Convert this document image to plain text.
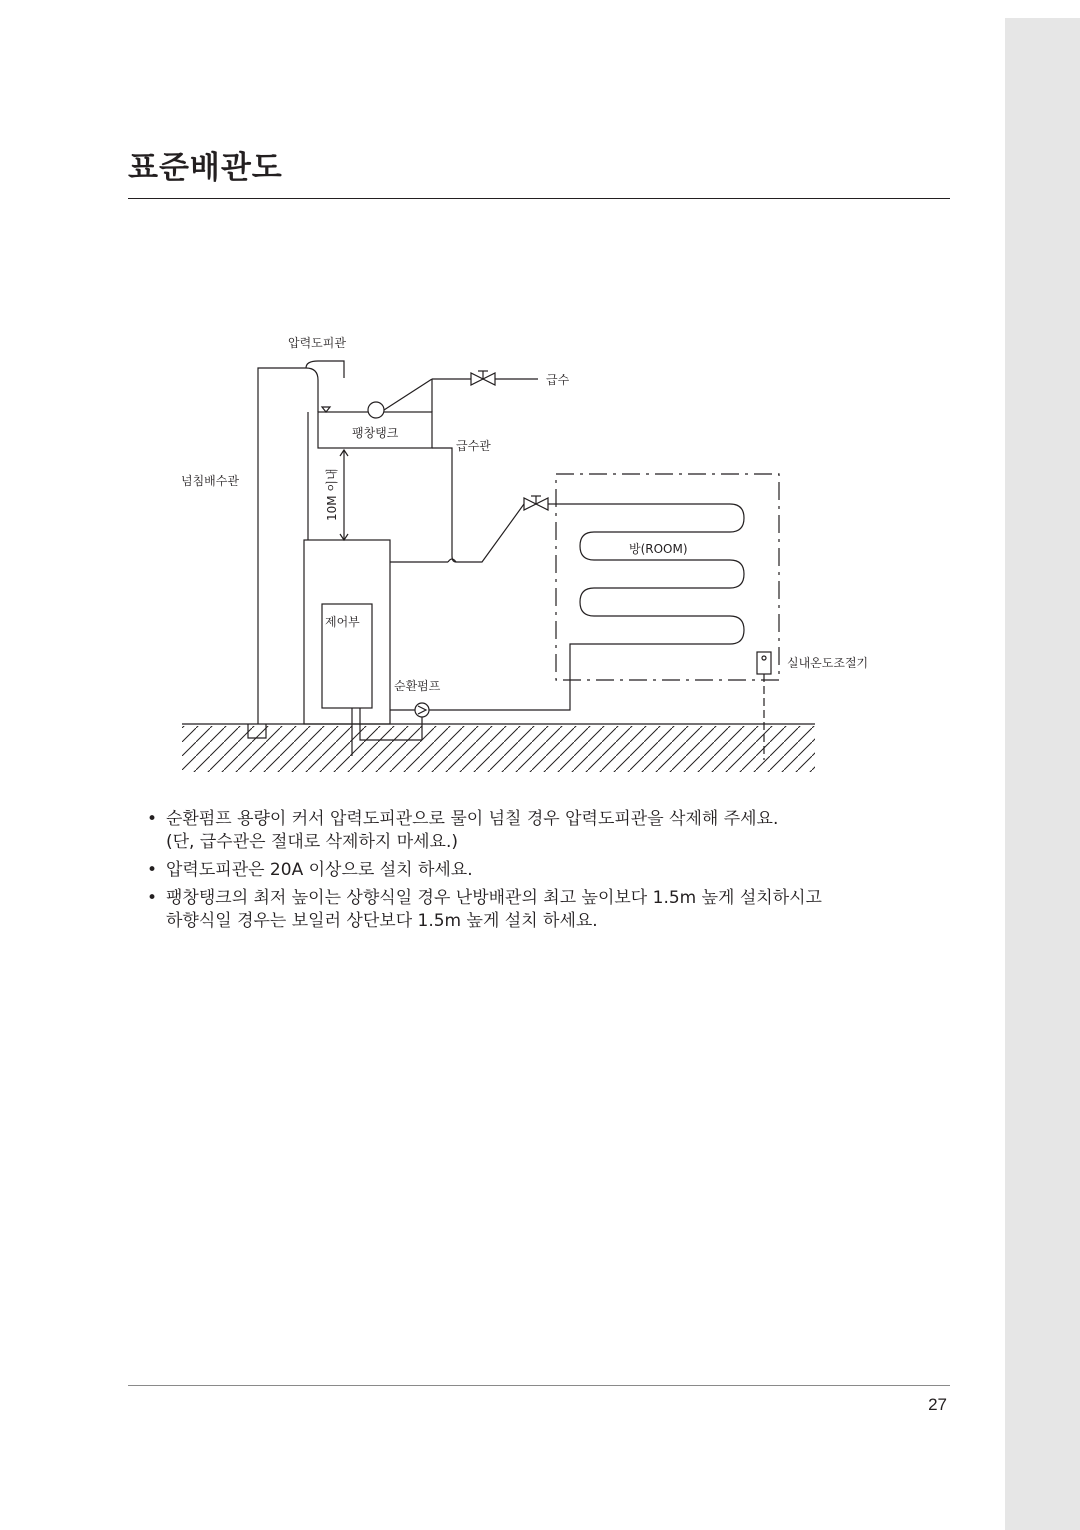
표준배관도
압력도피관
급수
팽창탱크
급수관
넘침배수관	10M 이내
방(ROOM)
제어부
실내온도조절기
순환펌프
• 순환펌프 용량이 커서 압력도피관으로 물이 넘칠 경우 압력도피관을 삭제해 주세요.
(단, 급수관은 절대로 삭제하지 마세요.)
• 압력도피관은 20A 이상으로 설치 하세요.
• 팽창탱크의 최저 높이는 상향식일 경우 난방배관의 최고 높이보다 1.5m 높게 설치하시고
하향식일 경우는 보일러 상단보다 1.5m 높게 설치 하세요.
27
